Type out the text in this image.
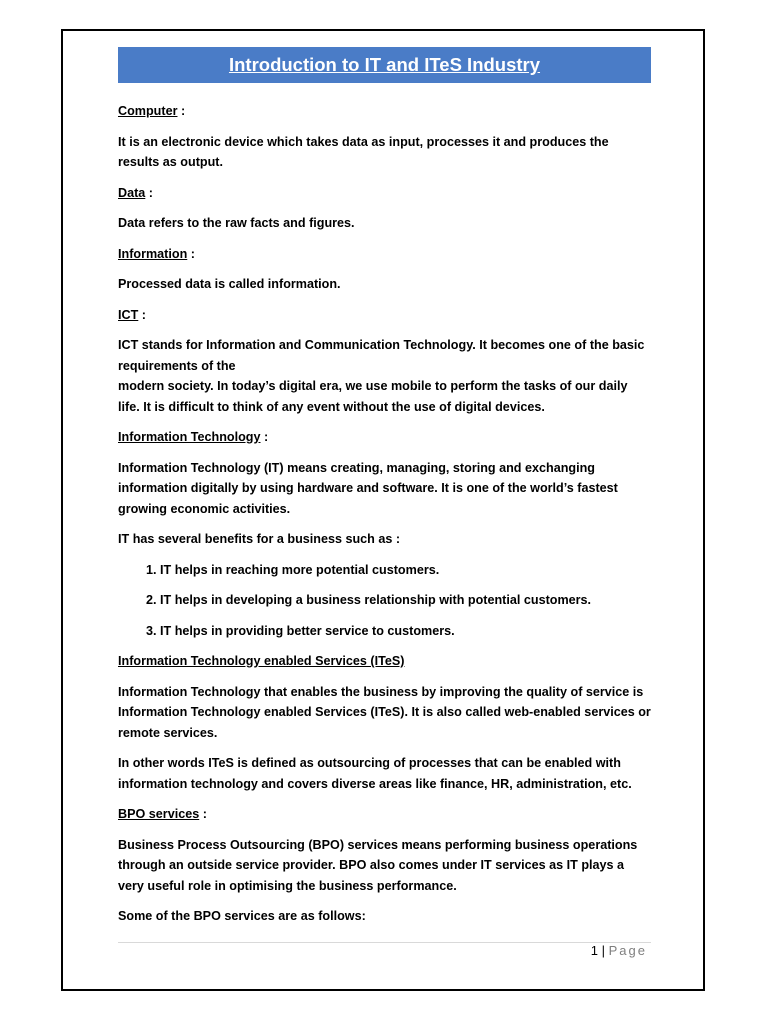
Introduction to IT and ITeS Industry

Computer :

It is an electronic device which takes data as input, processes it and produces the results as output.

Data :

Data refers to the raw facts and figures.

Information :

Processed data is called information.

ICT :

ICT stands for Information and Communication Technology. It becomes one of the basic requirements of the
modern society. In today’s digital era, we use mobile to perform the tasks of our daily life. It is difficult to think of any event without the use of digital devices.

Information Technology :

Information Technology (IT) means creating, managing, storing and exchanging information digitally by using hardware and software. It is one of the world’s fastest growing economic activities.

IT has several benefits for a business such as :

1. IT helps in reaching more potential customers.
2. IT helps in developing a business relationship with potential customers.
3. IT helps in providing better service to customers.

Information Technology enabled Services (ITeS)

Information Technology that enables the business by improving the quality of service is Information Technology enabled Services (ITeS). It is also called web-enabled services or remote services.

In other words ITeS is defined as outsourcing of processes that can be enabled with information technology and covers diverse areas like finance, HR, administration, etc.

BPO services :

Business Process Outsourcing (BPO) services means performing business operations through an outside service provider. BPO also comes under IT services as IT plays a very useful role in optimising the business performance.

Some of the BPO services are as follows:

1 | Page
